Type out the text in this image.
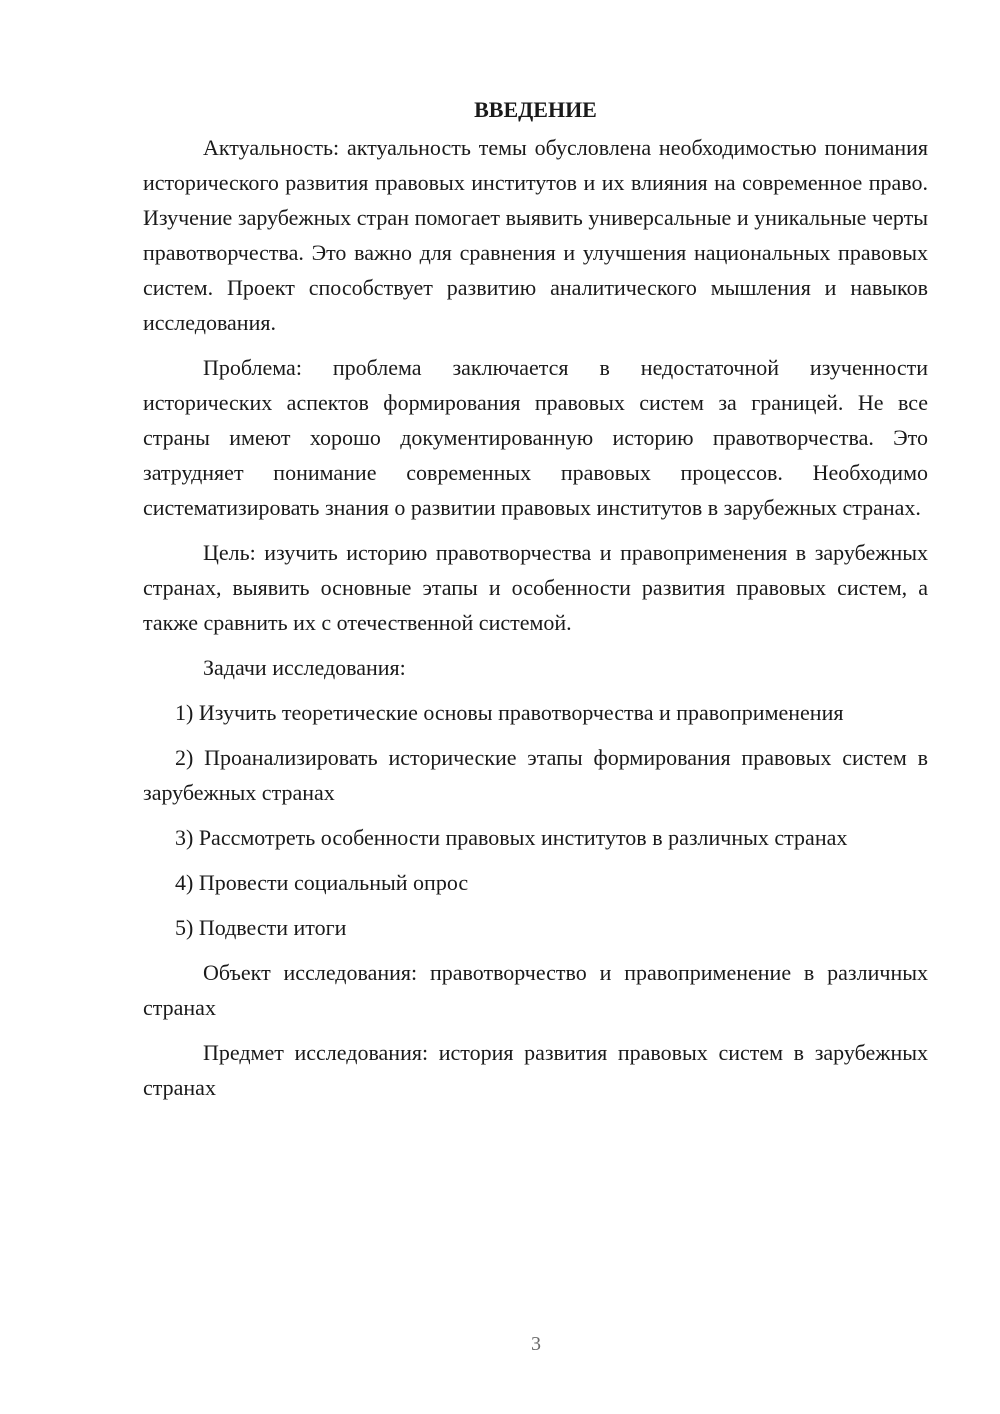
ВВЕДЕНИЕ

Актуальность: актуальность темы обусловлена необходимостью понимания исторического развития правовых институтов и их влияния на современное право. Изучение зарубежных стран помогает выявить универсальные и уникальные черты правотворчества. Это важно для сравнения и улучшения национальных правовых систем. Проект способствует развитию аналитического мышления и навыков исследования.

Проблема: проблема заключается в недостаточной изученности исторических аспектов формирования правовых систем за границей. Не все страны имеют хорошо документированную историю правотворчества. Это затрудняет понимание современных правовых процессов. Необходимо систематизировать знания о развитии правовых институтов в зарубежных странах.

Цель: изучить историю правотворчества и правоприменения в зарубежных странах, выявить основные этапы и особенности развития правовых систем, а также сравнить их с отечественной системой.

Задачи исследования:

1) Изучить теоретические основы правотворчества и правоприменения

2) Проанализировать исторические этапы формирования правовых систем в зарубежных странах

3) Рассмотреть особенности правовых институтов в различных странах

4) Провести социальный опрос

5) Подвести итоги

Объект исследования: правотворчество и правоприменение в различных странах

Предмет исследования: история развития правовых систем в зарубежных странах

3
